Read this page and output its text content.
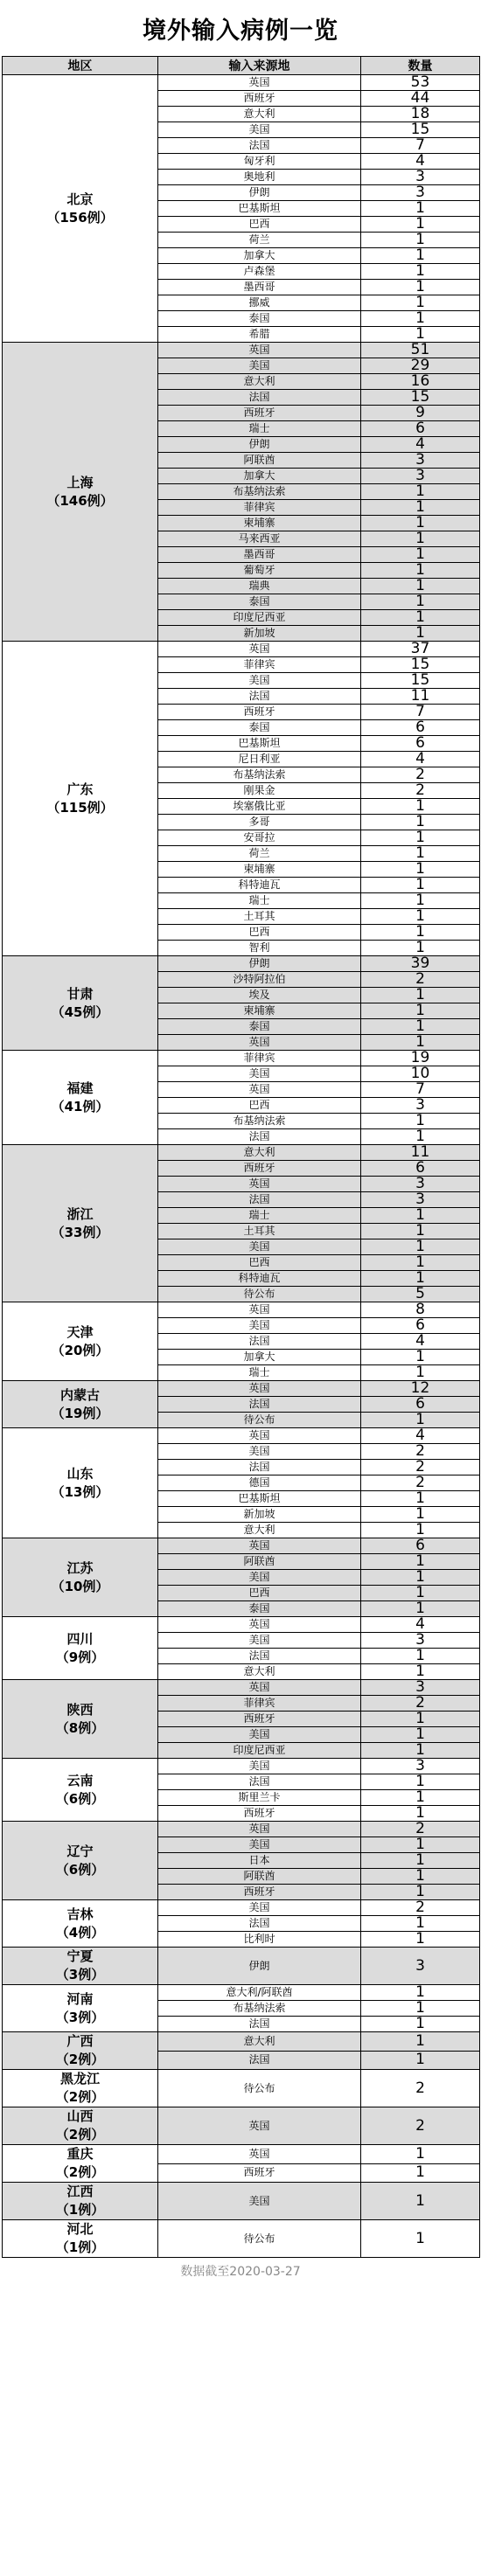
境外输入病例一览
地区	输入来源地	数量

北京
（156例）	英国	53
	西班牙	44
	意大利	18
	美国	15
	法国	7
	匈牙利	4
	奥地利	3
	伊朗	3
	巴基斯坦	1
	巴西	1
	荷兰	1
	加拿大	1
	卢森堡	1
	墨西哥	1
	挪威	1
	泰国	1
	希腊	1

上海
（146例）	英国	51
	美国	29
	意大利	16
	法国	15
	西班牙	9
	瑞士	6
	伊朗	4
	阿联酋	3
	加拿大	3
	布基纳法索	1
	菲律宾	1
	柬埔寨	1
	马来西亚	1
	墨西哥	1
	葡萄牙	1
	瑞典	1
	泰国	1
	印度尼西亚	1
	新加坡	1

广东
（115例）	英国	37
	菲律宾	15
	美国	15
	法国	11
	西班牙	7
	泰国	6
	巴基斯坦	6
	尼日利亚	4
	布基纳法索	2
	刚果金	2
	埃塞俄比亚	1
	多哥	1
	安哥拉	1
	荷兰	1
	柬埔寨	1
	科特迪瓦	1
	瑞士	1
	土耳其	1
	巴西	1
	智利	1

甘肃
（45例）	伊朗	39
	沙特阿拉伯	2
	埃及	1
	柬埔寨	1
	泰国	1
	英国	1

福建
（41例）	菲律宾	19
	美国	10
	英国	7
	巴西	3
	布基纳法索	1
	法国	1

浙江
（33例）	意大利	11
	西班牙	6
	英国	3
	法国	3
	瑞士	1
	土耳其	1
	美国	1
	巴西	1
	科特迪瓦	1
	待公布	5

天津
（20例）	英国	8
	美国	6
	法国	4
	加拿大	1
	瑞士	1

内蒙古
（19例）	英国	12
	法国	6
	待公布	1

山东
（13例）	英国	4
	美国	2
	法国	2
	德国	2
	巴基斯坦	1
	新加坡	1
	意大利	1

江苏
（10例）	英国	6
	阿联酋	1
	美国	1
	巴西	1
	泰国	1

四川
（9例）	英国	4
	美国	3
	法国	1
	意大利	1

陕西
（8例）	英国	3
	菲律宾	2
	西班牙	1
	美国	1
	印度尼西亚	1

云南
（6例）	美国	3
	法国	1
	斯里兰卡	1
	西班牙	1

辽宁
（6例）	英国	2
	美国	1
	日本	1
	阿联酋	1
	西班牙	1

吉林
（4例）	美国	2
	法国	1
	比利时	1

宁夏
（3例）	伊朗	3

河南
（3例）	意大利/阿联酋	1
	布基纳法索	1
	法国	1

广西
（2例）	意大利	1
	法国	1

黑龙江
（2例）	待公布	2

山西
（2例）	英国	2

重庆
（2例）	英国	1
	西班牙	1

江西
（1例）	美国	1

河北
（1例）	待公布	1
数据截至2020-03-27
